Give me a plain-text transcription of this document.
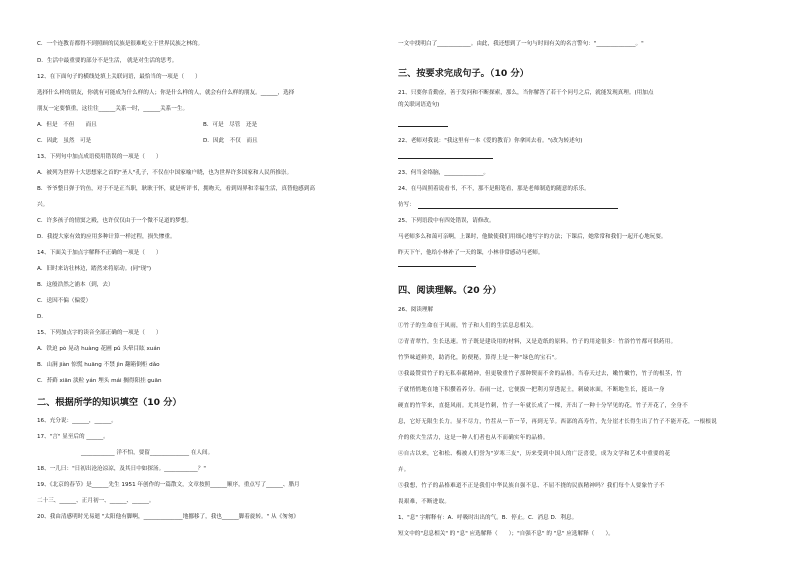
C．一个连教育都得不到照顾的民族是很难屹立于世界民族之林的。
D．生活中最重要的部分不是生活， 就是对生活的思考。
12、在下面句子的横线处填上关联词语，最恰当的一项是（　　）
选择什么样的朋友，你就有可能成为什么样的人；你是什么样的人，就会有什么样的朋友。______，选择
朋友一定要慎重，这往往______关系一时，______关系一生。
A．但是　不但　　而且	B．可是　尽管　还是
C．因此　虽然　可是	D．因此　不仅　而且
13、下列句中加点成语使用错误的一项是（　　）
A．被列为世界十大思想家之首的"圣人"孔子，不仅在中国家喻户晓，也为世界许多国家和人民所推崇。
B．爷爷整日弹于钓鱼，对于不是正当职，耿耿于怀，就是听评书，拥吻天，看到周界和幸福生活，真替他感到高
兴。
C．许多孩子的情窦之殿，也许仅仅由于一个微不足道的梦想。
D．我提大家有效的应用多种计算一样过程，损失惨重。
14、下面关于加点字解释不正确的一项是（　　）
A．旧时来访壮林边，踏然来将原动。(同"现")
B．这般浩然之浦本（到，去）
C．送因不偏（偏爱）
D．
15、下列加点字的读音全部正确的一项是（　　）
A．铁迫 pò 晃动 huàng 花圃 pǔ 头晕目眩 xuán
B．山涧 jiàn 惊慌 huāng 不禁 jìn 翻箱倒柜 dǎo
C．苔藓 xiān 淡粒 yán 埋头 mái 搁得阳挂 guān
二、根据所学的知识填空（10 分）
16、充分说：______，______。
17、"言" 显至后的 ______。
____________ 洋不怕，要留______________ 在人间。
18、一儿曰："日初出沧沧凉凉，及其日中如探汤。____________？"
19、《北京的春节》是______先生 1951 年创作的一篇散文，文章按照______顺序，重点写了______、腊月
二十三、______、正月初一、______、______。
20、我由清感明时光易逝 "太阳他有脚啊，______________地挪移了，我也______脚着旋转。" 从《匆匆》
一文中找明白了____________。由此，我还想到了一句与时间有关的名言警句："______________。"
三、按要求完成句子。（10 分）
21、只要你肯勤奋，善于发问和不断探索，那么，当你解答了若干个问号之后，就能发现真理。(用加点
的关联词语造句)
22、老师对我说："我这里有一本《爱的教育》你拿回去看。"(改为转述句)
23、何当金络脑，______________。
24、在马周照着说看书，不不，那不是粗笔看，那是老师制造的随意的乐乐。
仿写：
25、下列语段中有四处错误，请修改。
马老师多么和蔼可亲啊，上课时，他做使我们用细心地写字的方法；下课后，她常常和我们一起开心地玩耍。
昨天下午，他给小林补了一天的课，小林非常感动马老师。
四、阅读理解。（20 分）
26、阅读理解
①竹子的生命在于风雨，竹子和人们的生活息息相关。
②青青翠竹，生长迅速。竹子既是建设用的材料，又是造纸的原料。竹子的用途很多：竹浴竹竹都可供药用。
竹笋味道鲜美，助消化，防便秘，算得上是一种"绿色的宝石"。
③我最赞赏竹子的无私奉献精神，但更敬重竹子那种锲而不舍的品格。当春天过去，嫩竹嫩竹，竹子的根茎，竹
子就悄悄地在地下积攒着养分。春雨一过，它便拔一把利刃穿透泥土，刺破冰面，不断地生长，挺出一身
硬直的竹竿来，直挺风雨。尤其是竹刺，竹子一年就长成了一棵，开出了一种十分罕见的花，竹子开花了，全身不
息，它好无限生长力。显不尽力，竹茬从一节一节，再到无节。西部的高寿竹，先分崖才长得生出了竹子不能开花，一根根说
介的依大生活力，这是一种人们者也从不而确实年的品格。
④自古以来，它和松、梅被人们誉为"岁寒三友"，历来受到中国人的广泛喜爱，成为文学和艺术中重要的花
卉。
⑤我想，竹子的品格难道不正是我们中华民族自强不息、不屈不挠的民族精神吗？我们每个人要象竹子不
畏艰难，不断进取。
1、"息" 字解释有：A．呼吸时出出的气。B．停止。C．消息 D．利息。
短文中的"息息相关" 的 "息" 应选解释（　　）；"自强不息" 的 "息" 应选解释（　　）。
